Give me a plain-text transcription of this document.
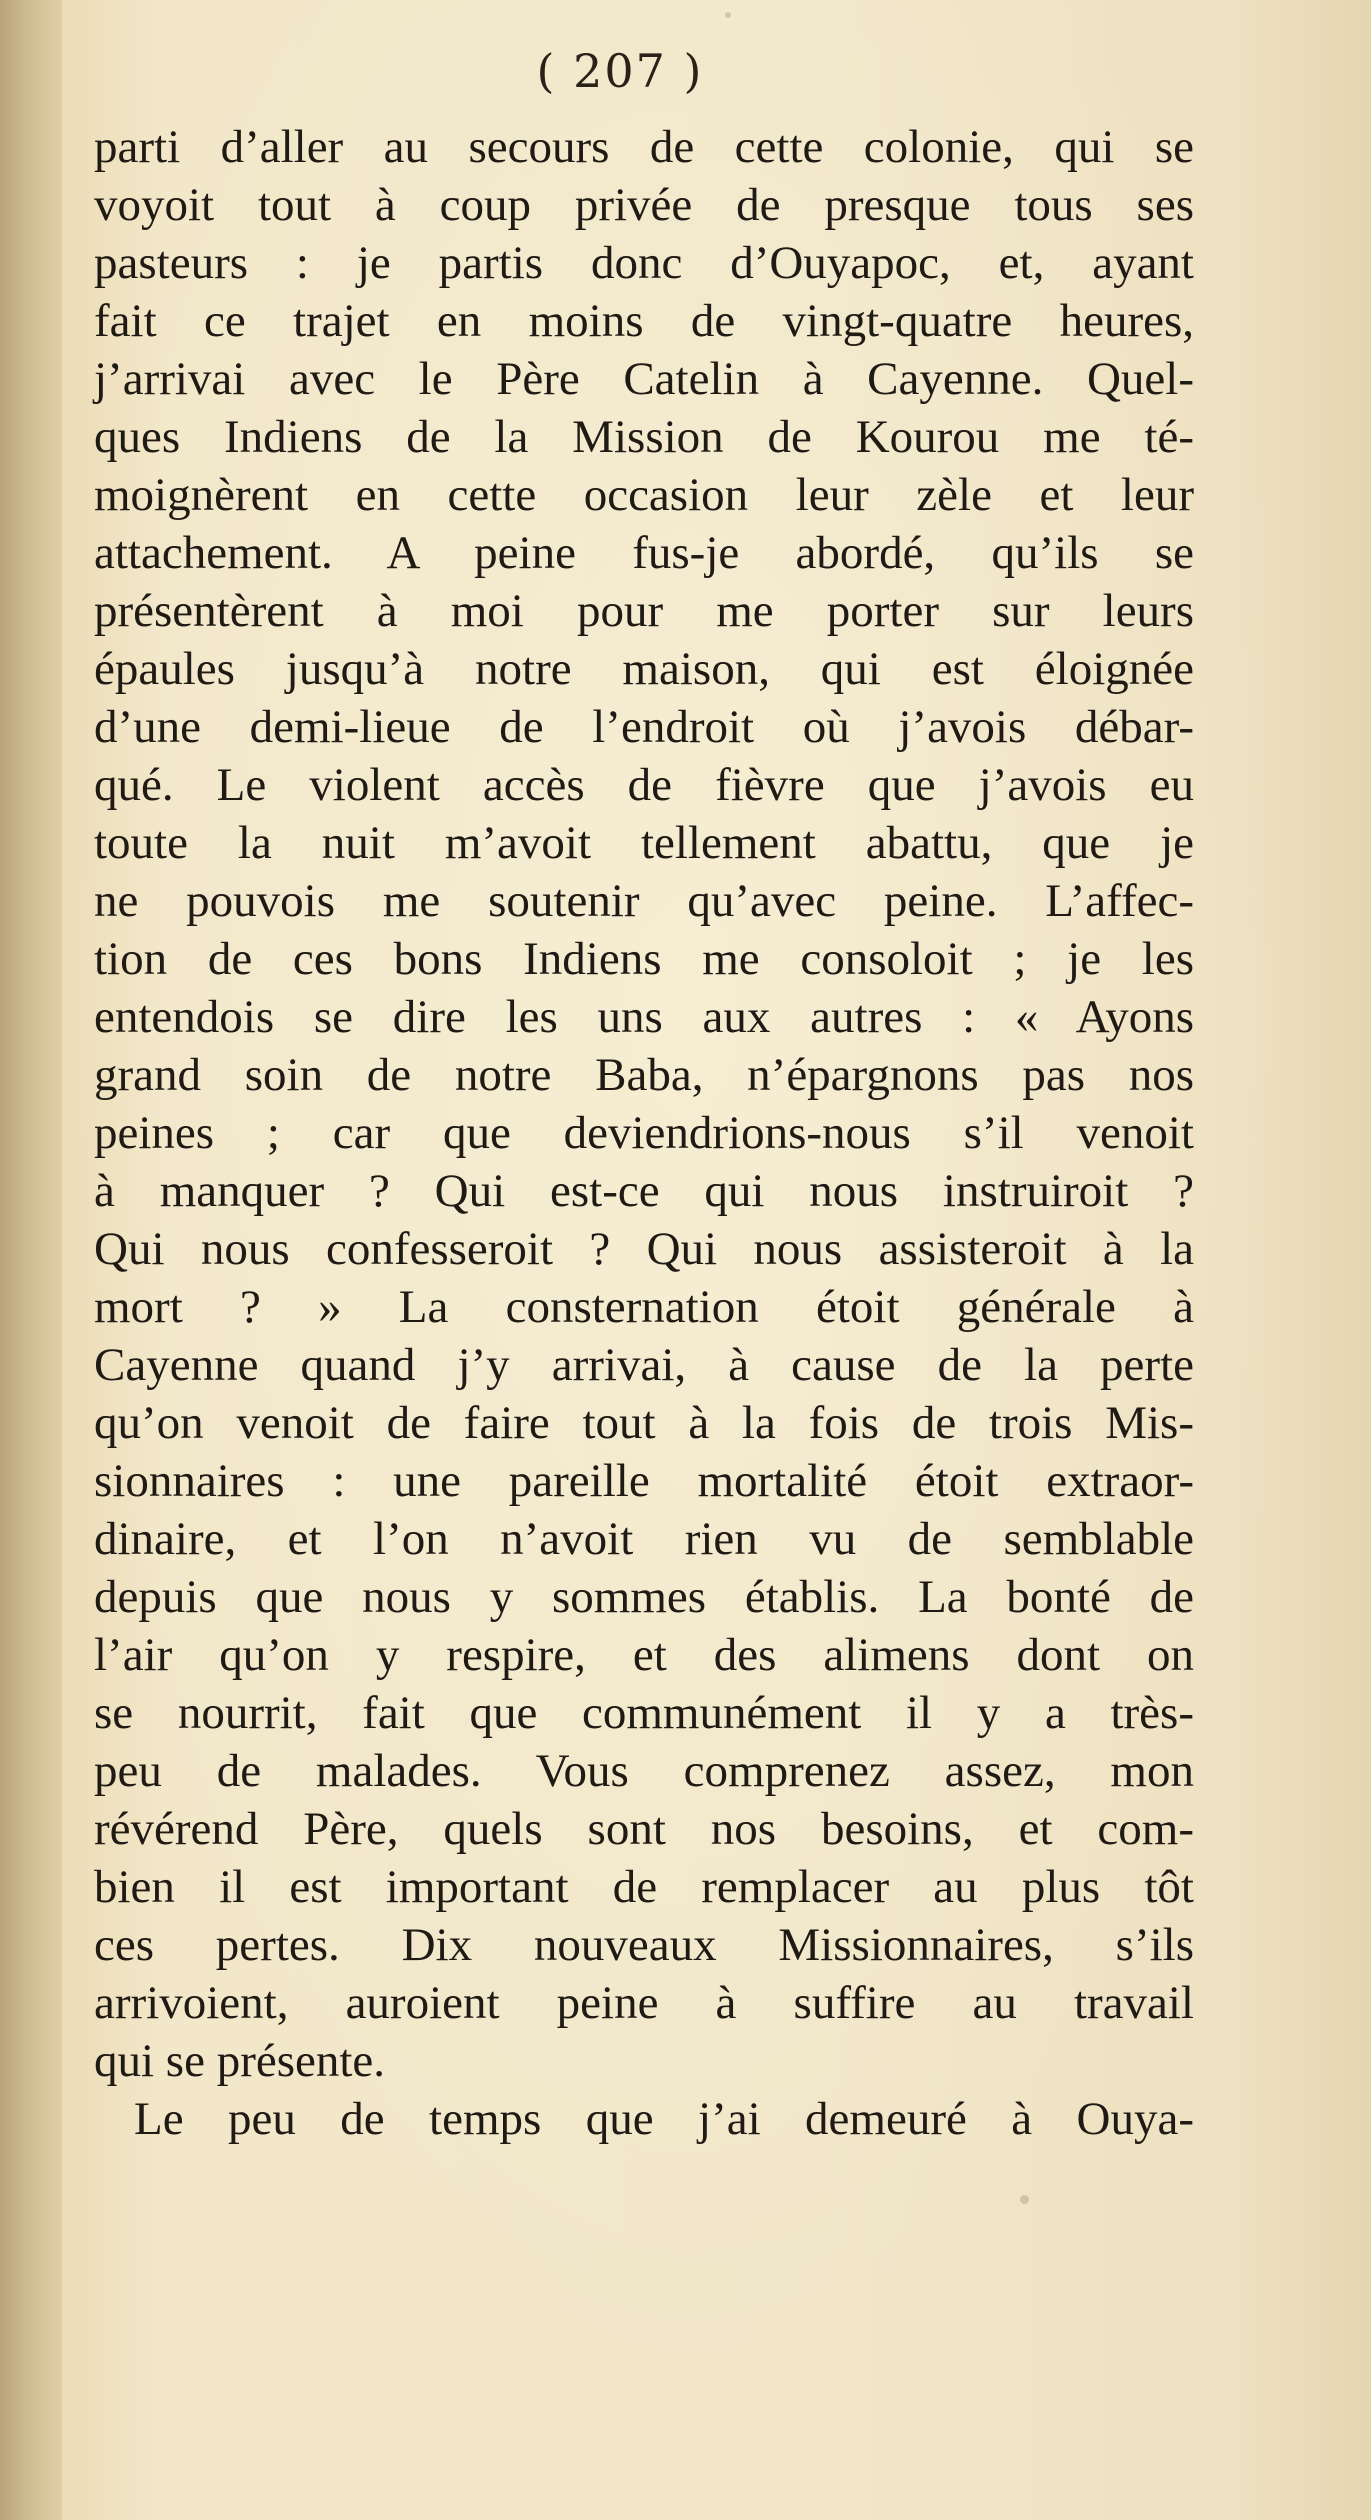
( 207 )
parti d’aller au secours de cette colonie, qui se
voyoit tout à coup privée de presque tous ses
pasteurs : je partis donc d’Ouyapoc, et, ayant
fait ce trajet en moins de vingt-quatre heures,
j’arrivai avec le Père Catelin à Cayenne. Quel-
ques Indiens de la Mission de Kourou me té-
moignèrent en cette occasion leur zèle et leur
attachement. A peine fus-je abordé, qu’ils se
présentèrent à moi pour me porter sur leurs
épaules jusqu’à notre maison, qui est éloignée
d’une demi-lieue de l’endroit où j’avois débar-
qué. Le violent accès de fièvre que j’avois eu
toute la nuit m’avoit tellement abattu, que je
ne pouvois me soutenir qu’avec peine. L’affec-
tion de ces bons Indiens me consoloit ; je les
entendois se dire les uns aux autres : « Ayons
grand soin de notre Baba, n’épargnons pas nos
peines ; car que deviendrions-nous s’il venoit
à manquer ? Qui est-ce qui nous instruiroit ?
Qui nous confesseroit ? Qui nous assisteroit à la
mort ? » La consternation étoit générale à
Cayenne quand j’y arrivai, à cause de la perte
qu’on venoit de faire tout à la fois de trois Mis-
sionnaires : une pareille mortalité étoit extraor-
dinaire, et l’on n’avoit rien vu de semblable
depuis que nous y sommes établis. La bonté de
l’air qu’on y respire, et des alimens dont on
se nourrit, fait que communément il y a très-
peu de malades. Vous comprenez assez, mon
révérend Père, quels sont nos besoins, et com-
bien il est important de remplacer au plus tôt
ces pertes. Dix nouveaux Missionnaires, s’ils
arrivoient, auroient peine à suffire au travail
qui se présente.
Le peu de temps que j’ai demeuré à Ouya-
